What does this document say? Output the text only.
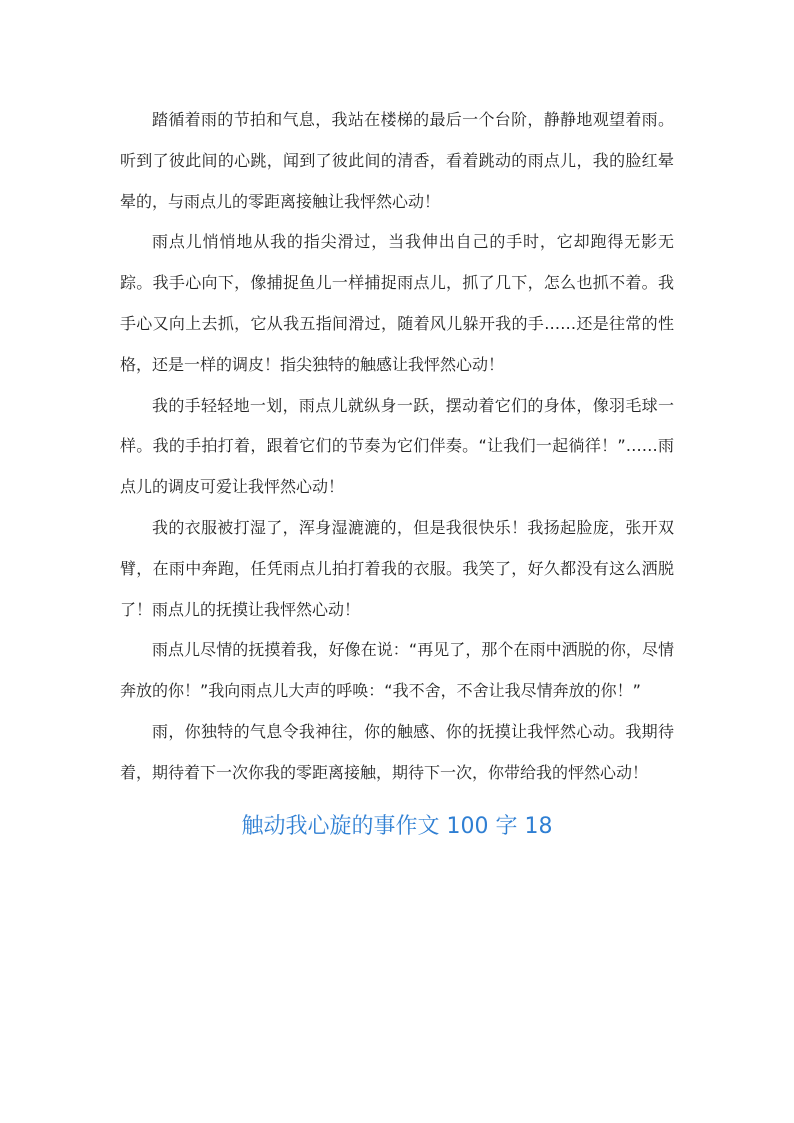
踏循着雨的节拍和气息，我站在楼梯的最后一个台阶，静静地观望着雨。听到了彼此间的心跳，闻到了彼此间的清香，看着跳动的雨点儿，我的脸红晕晕的，与雨点儿的零距离接触让我怦然心动！

雨点儿悄悄地从我的指尖滑过，当我伸出自己的手时，它却跑得无影无踪。我手心向下，像捕捉鱼儿一样捕捉雨点儿，抓了几下，怎么也抓不着。我手心又向上去抓，它从我五指间滑过，随着风儿躲开我的手……还是往常的性格，还是一样的调皮！指尖独特的触感让我怦然心动！

我的手轻轻地一划，雨点儿就纵身一跃，摆动着它们的身体，像羽毛球一样。我的手拍打着，跟着它们的节奏为它们伴奏。“让我们一起徜徉！”……雨点儿的调皮可爱让我怦然心动！

我的衣服被打湿了，浑身湿漉漉的，但是我很快乐！我扬起脸庞，张开双臂，在雨中奔跑，任凭雨点儿拍打着我的衣服。我笑了，好久都没有这么洒脱了！雨点儿的抚摸让我怦然心动！

雨点儿尽情的抚摸着我，好像在说：“再见了，那个在雨中洒脱的你，尽情奔放的你！”我向雨点儿大声的呼唤：“我不舍，不舍让我尽情奔放的你！”

雨，你独特的气息令我神往，你的触感、你的抚摸让我怦然心动。我期待着，期待着下一次你我的零距离接触，期待下一次，你带给我的怦然心动！

触动我心旋的事作文 100 字 18
